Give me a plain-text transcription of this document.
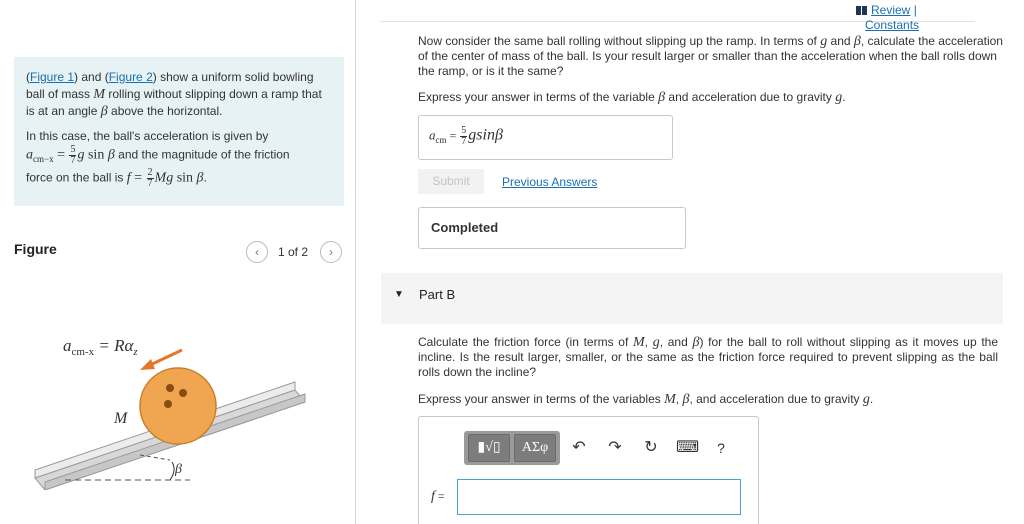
(Figure 1) and (Figure 2) show a uniform solid bowling ball of mass M rolling without slipping down a ramp that is at an angle β above the horizontal.

In this case, the ball's acceleration is given by
$a_{cm-x} = \frac{5}{7}$ g sin β and the magnitude of the friction
force on the ball is $f = \frac{2}{7}$ Mg sin β.

Figure	‹	1 of 2	›
$a_{cm-x} = R\alpha_z$
M
β
Review |
Constants
Now consider the same ball rolling without slipping up the ramp. In terms of g and β, calculate the acceleration of the center of mass of the ball. Is your result larger or smaller than the acceleration when the ball rolls down the ramp, or is it the same?
Express your answer in terms of the variable β and acceleration due to gravity g.
$a_{cm} = \frac{5}{7}$ gsinβ
Submit	Previous Answers
Completed
▼ Part B
Calculate the friction force (in terms of M, g, and β) for the ball to roll without slipping as it moves up the incline. Is the result larger, smaller, or the same as the friction force required to prevent slipping as the ball rolls down the incline?
Express your answer in terms of the variables M, β, and acceleration due to gravity g.
▮√▯	ΑΣφ	↶ ↷ ↻ ⌨	?
f =
